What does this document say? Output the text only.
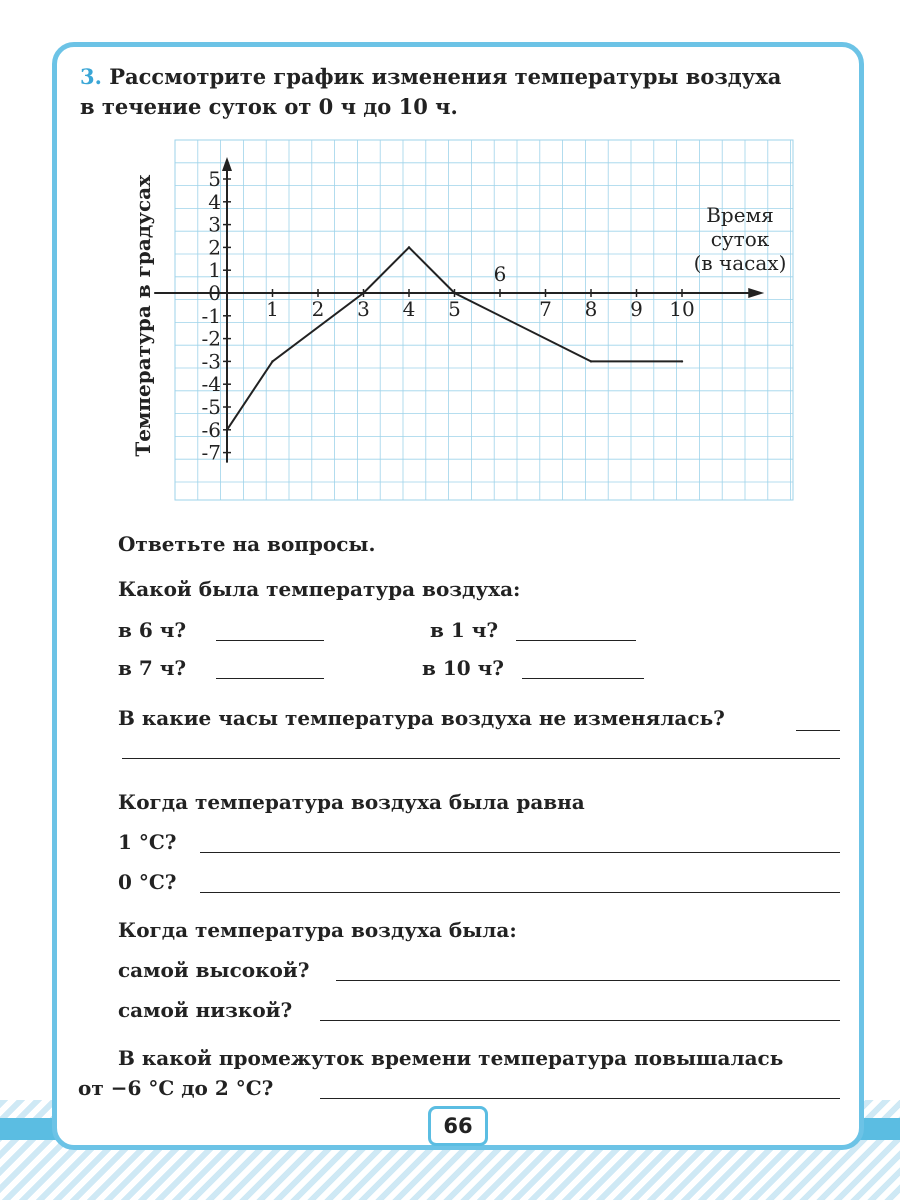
3. Рассмотрите график изменения температуры воздуха
в течение суток от 0 ч до 10 ч.
1 2 3 4 5
6
7 8 9 10
5
4
3
2
1
0
-1
-2
-3
-4
-5
-6
-7
Температура в градусах	Время
суток
(в часах)
Ответьте на вопросы.
Какой была температура воздуха:
в 6 ч?	в 1 ч?
в 7 ч?	в 10 ч?
В какие часы температура воздуха не изменялась?
Когда температура воздуха была равна
1 °С?
0 °С?
Когда температура воздуха была:
самой высокой?
самой низкой?
В какой промежуток времени температура повышалась
от −6 °С до 2 °С?
66
